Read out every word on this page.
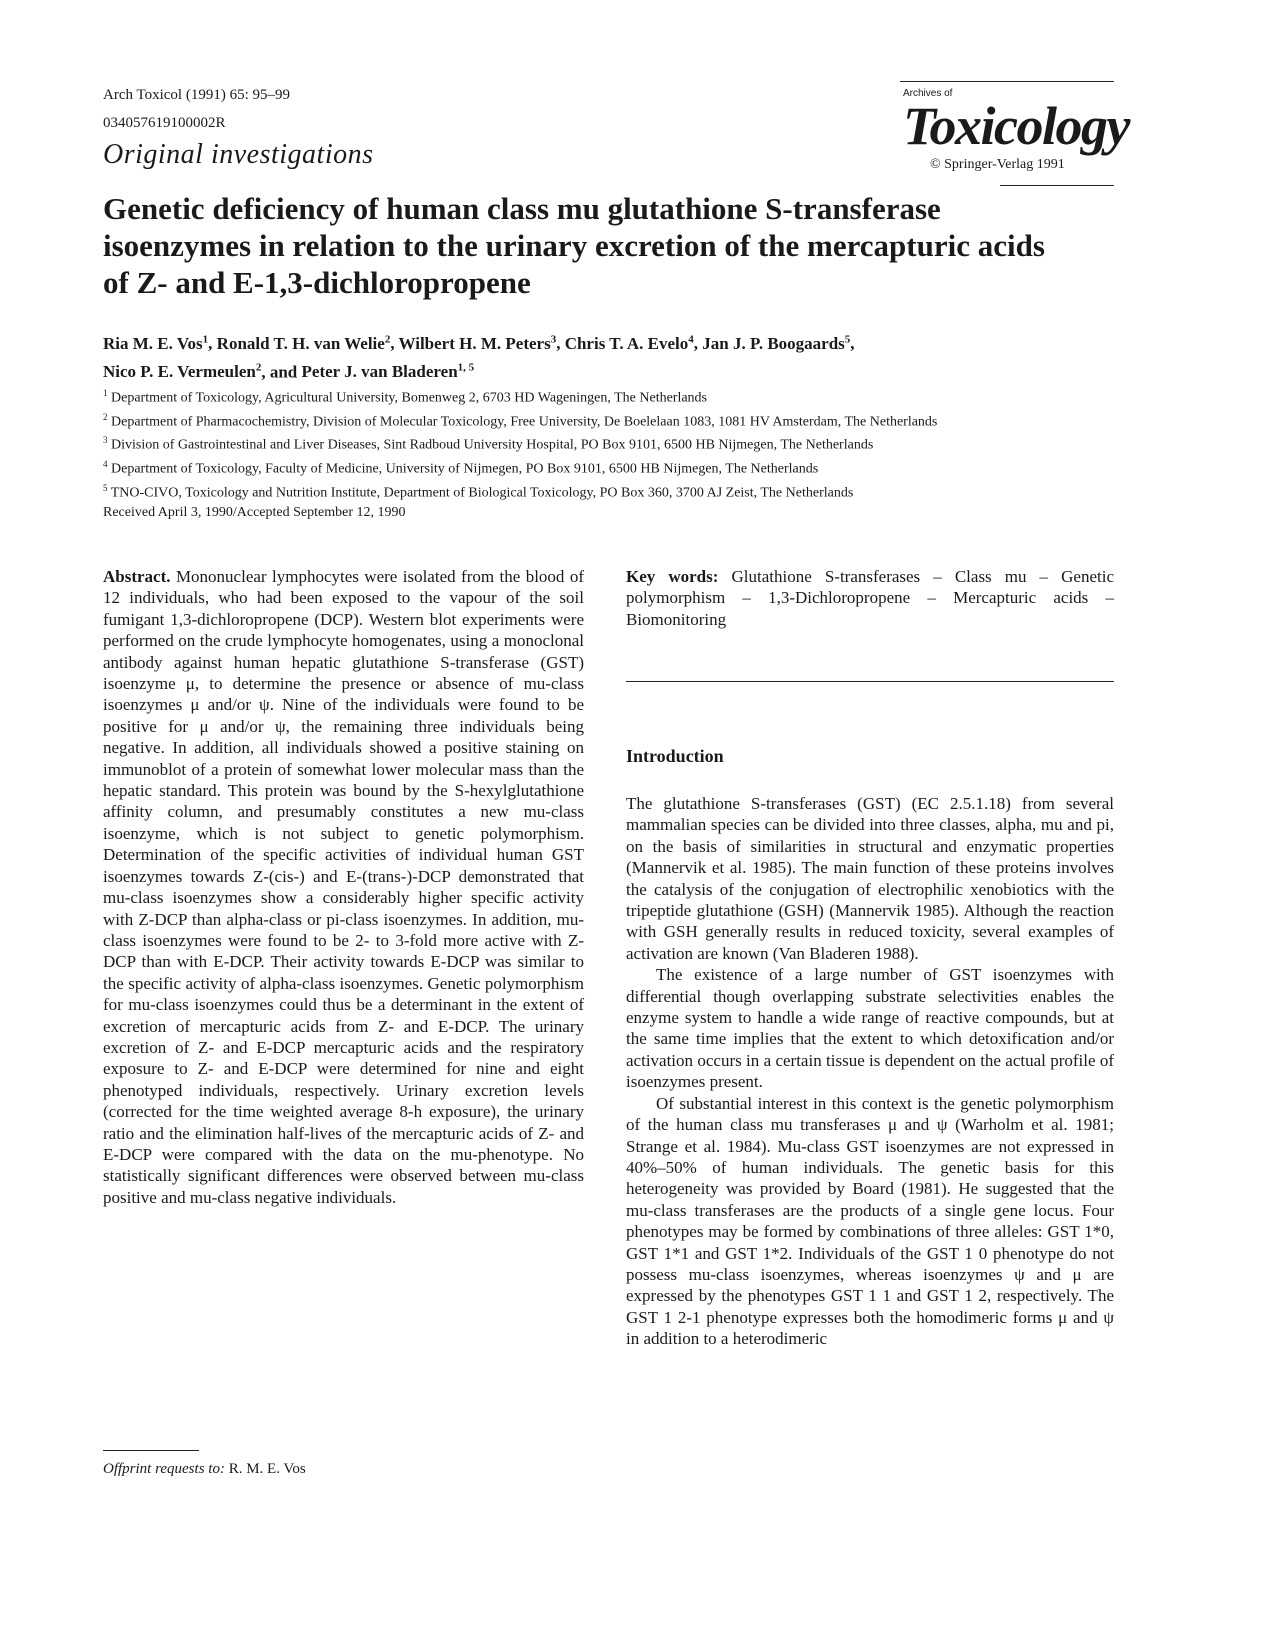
Arch Toxicol (1991) 65: 95–99
034057619100002R
Original investigations
Archives of
Toxicology
© Springer-Verlag 1991
Genetic deficiency of human class mu glutathione S-transferase isoenzymes in relation to the urinary excretion of the mercapturic acids of Z- and E-1,3-dichloropropene
Ria M. E. Vos$^1$, Ronald T. H. van Welie$^2$, Wilbert H. M. Peters$^3$, Chris T. A. Evelo$^4$, Jan J. P. Boogaards$^5$,
Nico P. E. Vermeulen$^2$, and Peter J. van Bladeren$^{1, 5}$
$^1$ Department of Toxicology, Agricultural University, Bomenweg 2, 6703 HD Wageningen, The Netherlands
$^2$ Department of Pharmacochemistry, Division of Molecular Toxicology, Free University, De Boelelaan 1083, 1081 HV Amsterdam, The Netherlands
$^3$ Division of Gastrointestinal and Liver Diseases, Sint Radboud University Hospital, PO Box 9101, 6500 HB Nijmegen, The Netherlands
$^4$ Department of Toxicology, Faculty of Medicine, University of Nijmegen, PO Box 9101, 6500 HB Nijmegen, The Netherlands
$^5$ TNO-CIVO, Toxicology and Nutrition Institute, Department of Biological Toxicology, PO Box 360, 3700 AJ Zeist, The Netherlands
Received April 3, 1990/Accepted September 12, 1990

Abstract. Mononuclear lymphocytes were isolated from the blood of 12 individuals, who had been exposed to the vapour of the soil fumigant 1,3-dichloropropene (DCP). Western blot experiments were performed on the crude lymphocyte homogenates, using a monoclonal antibody against human hepatic glutathione S-transferase (GST) isoenzyme μ, to determine the presence or absence of mu-class isoenzymes μ and/or ψ. Nine of the individuals were found to be positive for μ and/or ψ, the remaining three individuals being negative. In addition, all individuals showed a positive staining on immunoblot of a protein of somewhat lower molecular mass than the hepatic standard. This protein was bound by the S-hexylglutathione affinity column, and presumably constitutes a new mu-class isoenzyme, which is not subject to genetic polymorphism. Determination of the specific activities of individual human GST isoenzymes towards Z-(cis-) and E-(trans-)-DCP demonstrated that mu-class isoenzymes show a considerably higher specific activity with Z-DCP than alpha-class or pi-class isoenzymes. In addition, mu-class isoenzymes were found to be 2- to 3-fold more active with Z-DCP than with E-DCP. Their activity towards E-DCP was similar to the specific activity of alpha-class isoenzymes. Genetic polymorphism for mu-class isoenzymes could thus be a determinant in the extent of excretion of mercapturic acids from Z- and E-DCP. The urinary excretion of Z- and E-DCP mercapturic acids and the respiratory exposure to Z- and E-DCP were determined for nine and eight phenotyped individuals, respectively. Urinary excretion levels (corrected for the time weighted average 8-h exposure), the urinary ratio and the elimination half-lives of the mercapturic acids of Z- and E-DCP were compared with the data on the mu-phenotype. No statistically significant differences were observed between mu-class positive and mu-class negative individuals.

Offprint requests to: R. M. E. Vos

Key words: Glutathione S-transferases – Class mu – Genetic polymorphism – 1,3-Dichloropropene – Mercapturic acids – Biomonitoring

Introduction

The glutathione S-transferases (GST) (EC 2.5.1.18) from several mammalian species can be divided into three classes, alpha, mu and pi, on the basis of similarities in structural and enzymatic properties (Mannervik et al. 1985). The main function of these proteins involves the catalysis of the conjugation of electrophilic xenobiotics with the tripeptide glutathione (GSH) (Mannervik 1985). Although the reaction with GSH generally results in reduced toxicity, several examples of activation are known (Van Bladeren 1988).

The existence of a large number of GST isoenzymes with differential though overlapping substrate selectivities enables the enzyme system to handle a wide range of reactive compounds, but at the same time implies that the extent to which detoxification and/or activation occurs in a certain tissue is dependent on the actual profile of isoenzymes present.

Of substantial interest in this context is the genetic polymorphism of the human class mu transferases μ and ψ (Warholm et al. 1981; Strange et al. 1984). Mu-class GST isoenzymes are not expressed in 40%–50% of human individuals. The genetic basis for this heterogeneity was provided by Board (1981). He suggested that the mu-class transferases are the products of a single gene locus. Four phenotypes may be formed by combinations of three alleles: GST 1*0, GST 1*1 and GST 1*2. Individuals of the GST 1 0 phenotype do not possess mu-class isoenzymes, whereas isoenzymes ψ and μ are expressed by the phenotypes GST 1 1 and GST 1 2, respectively. The GST 1 2-1 phenotype expresses both the homodimeric forms μ and ψ in addition to a heterodimeric
